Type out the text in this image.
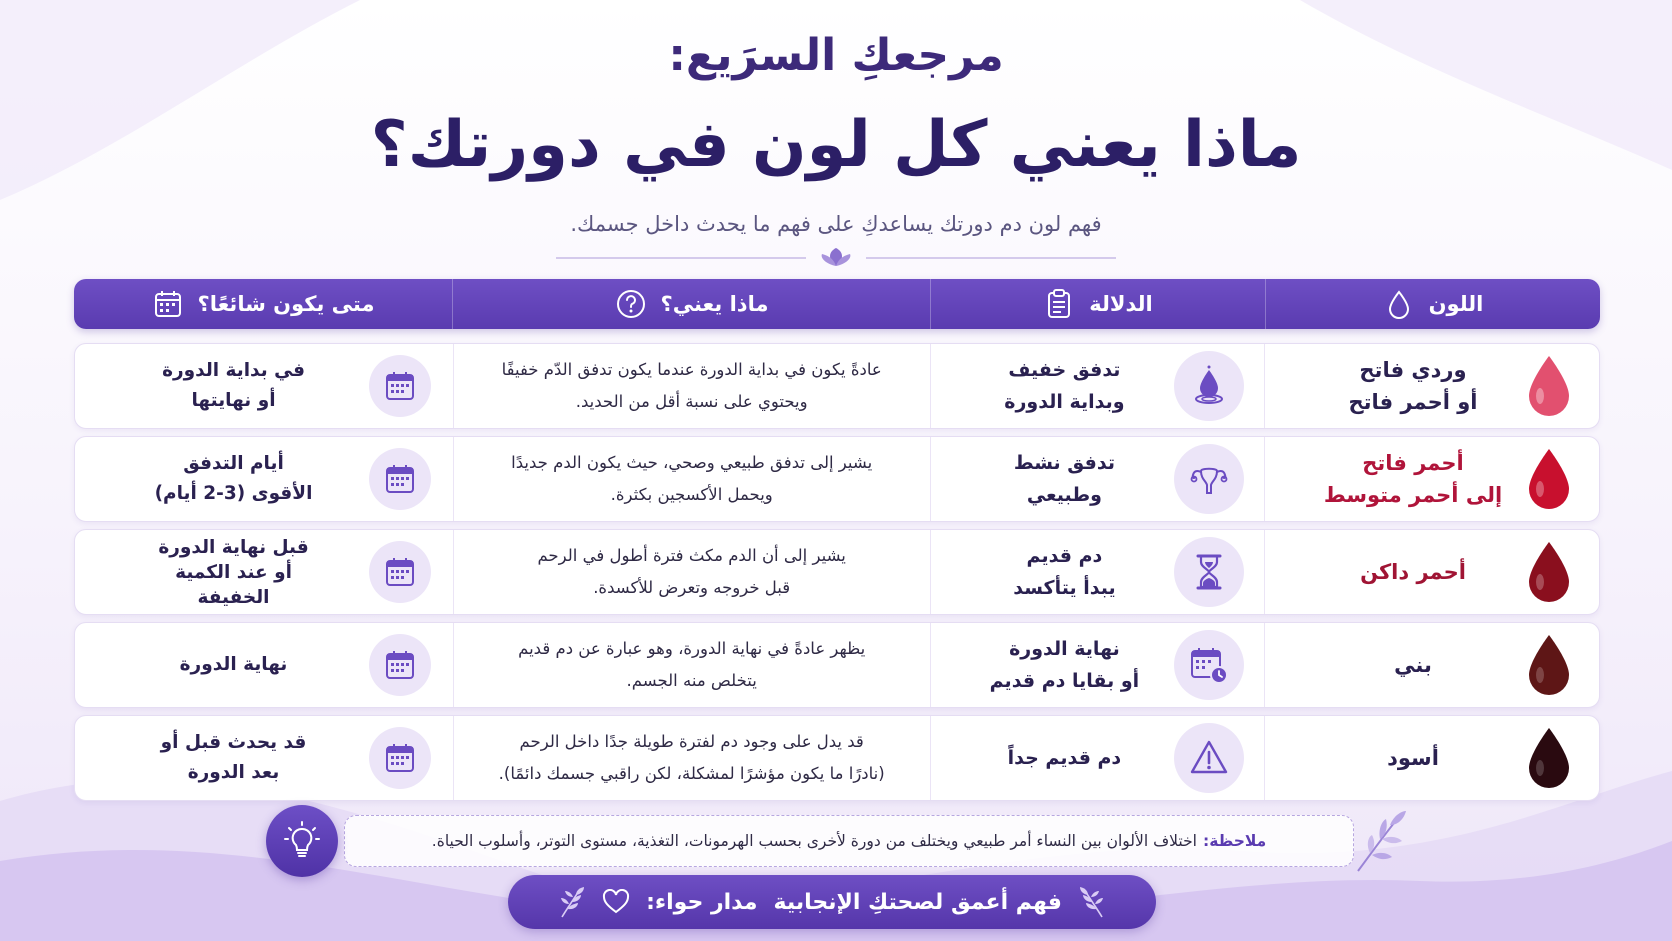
مرجعكِ السرَيع:
ماذا يعني كل لون في دورتك؟
فهم لون دم دورتك يساعدكِ على فهم ما يحدث داخل جسمك.
اللون
الدلالة
ماذا يعني؟
متى يكون شائعًا؟
وردي فاتح
أو أحمر فاتح
تدفق خفيف
وبداية الدورة
عادةً يكون في بداية الدورة عندما يكون تدفق الدّم خفيفًا
ويحتوي على نسبة أقل من الحديد.
في بداية الدورة
أو نهايتها
أحمر فاتح
إلى أحمر متوسط
تدفق نشط
وطبيعي
يشير إلى تدفق طبيعي وصحي، حيث يكون الدم جديدًا
ويحمل الأكسجين بكثرة.
أيام التدفق
الأقوى (3-2 أيام)
أحمر داكن
دم قديم
يبدأ يتأكسد
يشير إلى أن الدم مكث فترة أطول في الرحم
قبل خروجه وتعرض للأكسدة.
قبل نهاية الدورة
أو عند الكمية
الخفيفة
بني
نهاية الدورة
أو بقايا دم قديم
يظهر عادةً في نهاية الدورة، وهو عبارة عن دم قديم
يتخلص منه الجسم.
نهاية الدورة
أسود
دم قديم جداً
قد يدل على وجود دم لفترة طويلة جدًا داخل الرحم
(نادرًا ما يكون مؤشرًا لمشكلة، لكن راقبي جسمك دائمًا).
قد يحدث قبل أو
بعد الدورة
ملاحظة:
اختلاف الألوان بين النساء أمر طبيعي ويختلف من دورة لأخرى بحسب الهرمونات، التغذية، مستوى التوتر، وأسلوب الحياة.
فهم أعمق لصحتكِ الإنجابية
مدار حواء:
